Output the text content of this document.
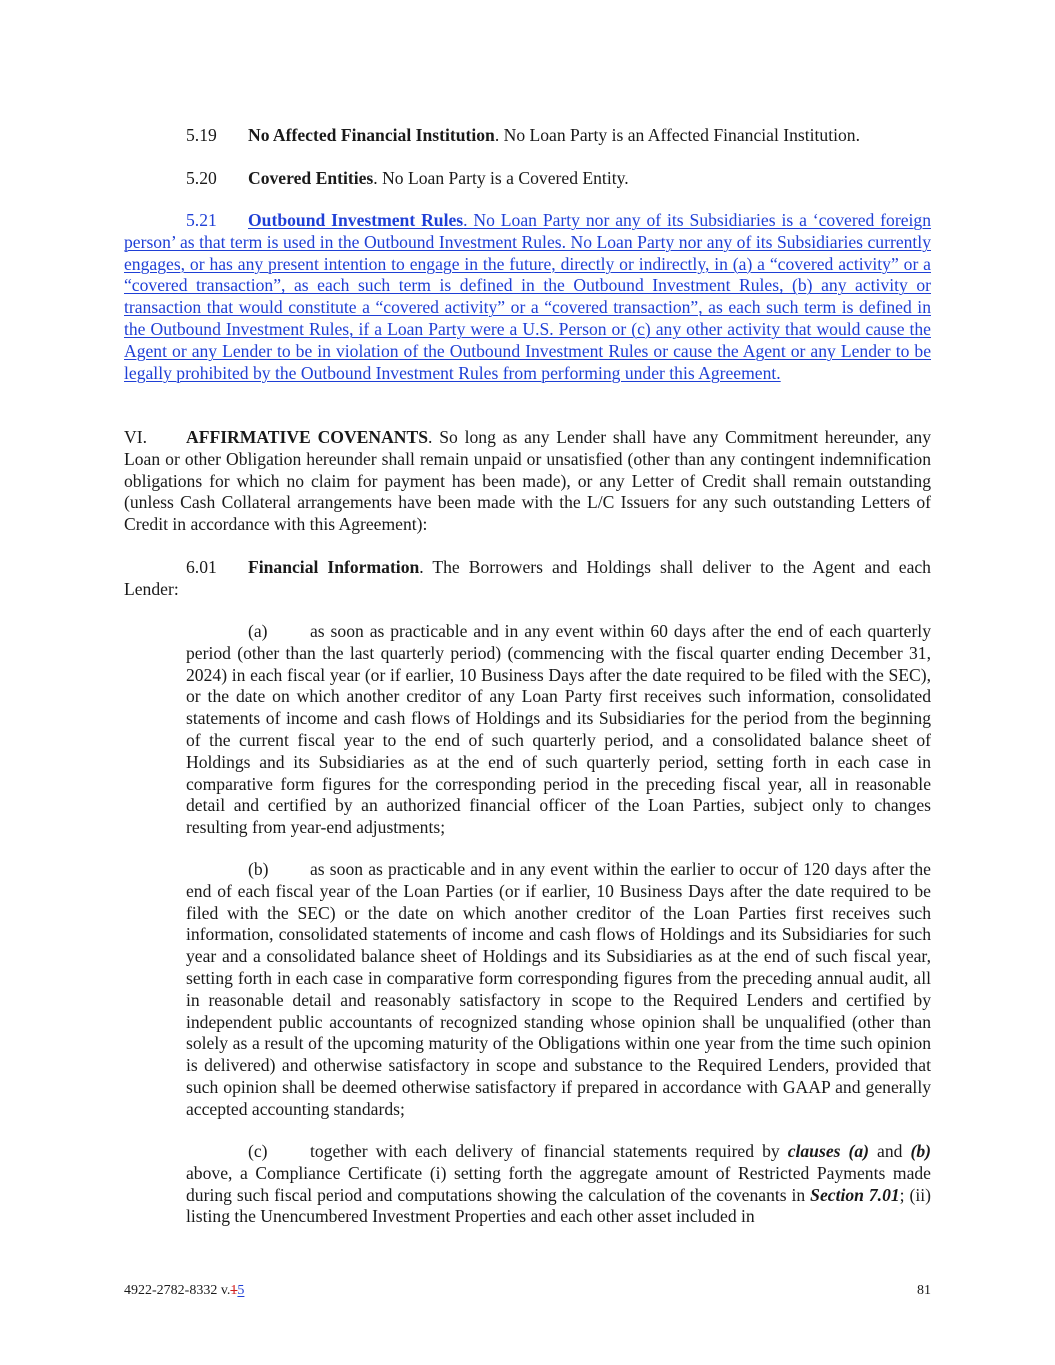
5.19 No Affected Financial Institution. No Loan Party is an Affected Financial Institution.

5.20 Covered Entities. No Loan Party is a Covered Entity.

5.21 Outbound Investment Rules. No Loan Party nor any of its Subsidiaries is a ‘covered foreign person’ as that term is used in the Outbound Investment Rules. No Loan Party nor any of its Subsidiaries currently engages, or has any present intention to engage in the future, directly or indirectly, in (a) a “covered activity” or a “covered transaction”, as each such term is defined in the Outbound Investment Rules, (b) any activity or transaction that would constitute a “covered activity” or a “covered transaction”, as each such term is defined in the Outbound Investment Rules, if a Loan Party were a U.S. Person or (c) any other activity that would cause the Agent or any Lender to be in violation of the Outbound Investment Rules or cause the Agent or any Lender to be legally prohibited by the Outbound Investment Rules from performing under this Agreement.

VI. AFFIRMATIVE COVENANTS. So long as any Lender shall have any Commitment hereunder, any Loan or other Obligation hereunder shall remain unpaid or unsatisfied (other than any contingent indemnification obligations for which no claim for payment has been made), or any Letter of Credit shall remain outstanding (unless Cash Collateral arrangements have been made with the L/C Issuers for any such outstanding Letters of Credit in accordance with this Agreement):

6.01 Financial Information. The Borrowers and Holdings shall deliver to the Agent and each Lender:

(a) as soon as practicable and in any event within 60 days after the end of each quarterly period (other than the last quarterly period) (commencing with the fiscal quarter ending December 31, 2024) in each fiscal year (or if earlier, 10 Business Days after the date required to be filed with the SEC), or the date on which another creditor of any Loan Party first receives such information, consolidated statements of income and cash flows of Holdings and its Subsidiaries for the period from the beginning of the current fiscal year to the end of such quarterly period, and a consolidated balance sheet of Holdings and its Subsidiaries as at the end of such quarterly period, setting forth in each case in comparative form figures for the corresponding period in the preceding fiscal year, all in reasonable detail and certified by an authorized financial officer of the Loan Parties, subject only to changes resulting from year-end adjustments;

(b) as soon as practicable and in any event within the earlier to occur of 120 days after the end of each fiscal year of the Loan Parties (or if earlier, 10 Business Days after the date required to be filed with the SEC) or the date on which another creditor of the Loan Parties first receives such information, consolidated statements of income and cash flows of Holdings and its Subsidiaries for such year and a consolidated balance sheet of Holdings and its Subsidiaries as at the end of such fiscal year, setting forth in each case in comparative form corresponding figures from the preceding annual audit, all in reasonable detail and reasonably satisfactory in scope to the Required Lenders and certified by independent public accountants of recognized standing whose opinion shall be unqualified (other than solely as a result of the upcoming maturity of the Obligations within one year from the time such opinion is delivered) and otherwise satisfactory in scope and substance to the Required Lenders, provided that such opinion shall be deemed otherwise satisfactory if prepared in accordance with GAAP and generally accepted accounting standards;

(c) together with each delivery of financial statements required by clauses (a) and (b) above, a Compliance Certificate (i) setting forth the aggregate amount of Restricted Payments made during such fiscal period and computations showing the calculation of the covenants in Section 7.01; (ii) listing the Unencumbered Investment Properties and each other asset included in

4922-2782-8332 v.15	81
